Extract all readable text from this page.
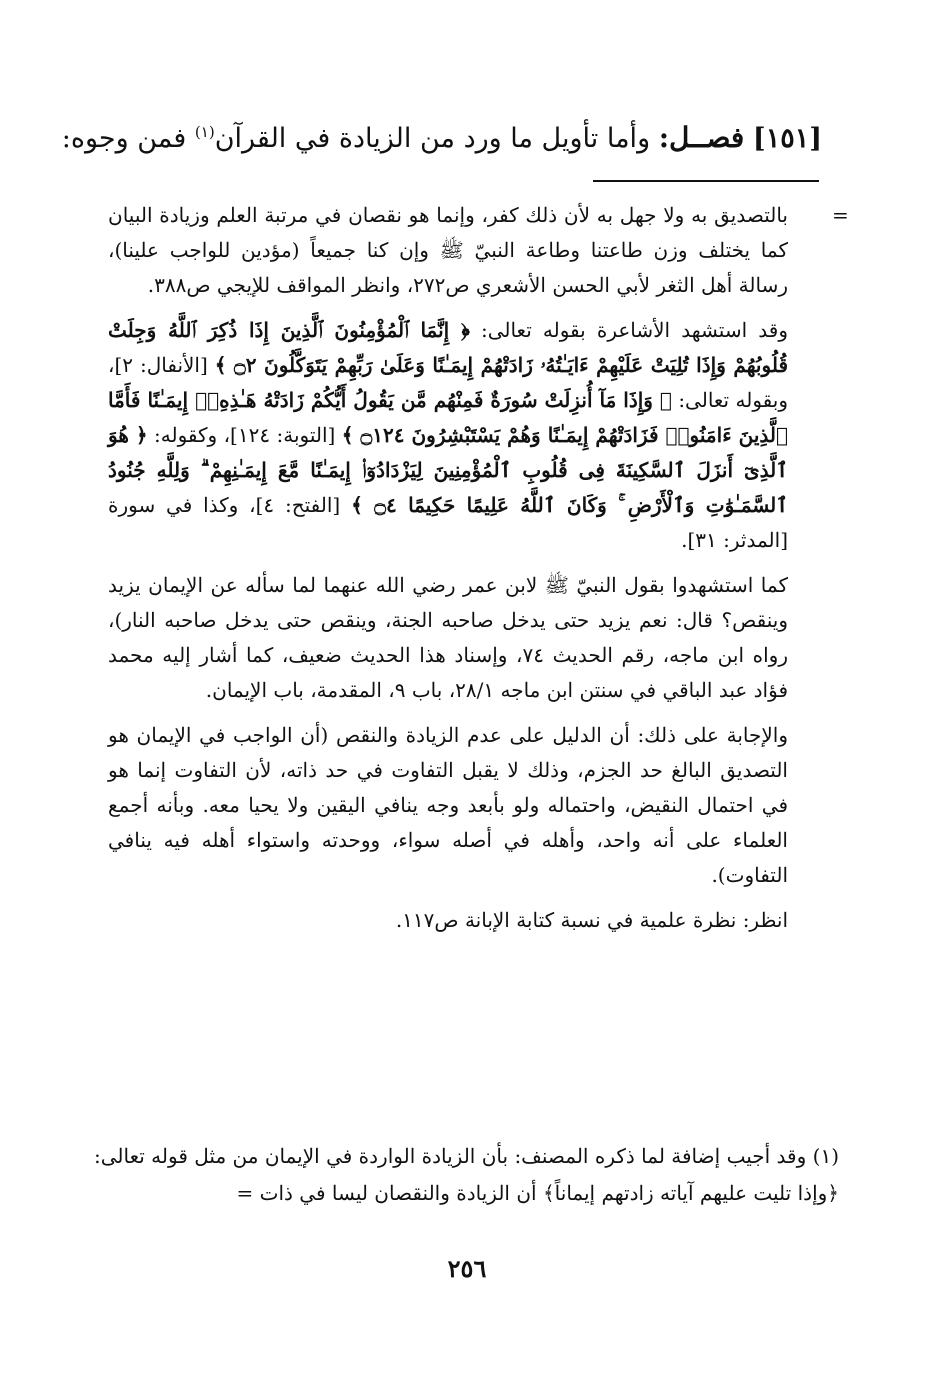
[١٥١] فصــل: وأما تأويل ما ورد من الزيادة في القرآن$^{(١)}$ فمن وجوه:
=

بالتصديق به ولا جهل به لأن ذلك كفر، وإنما هو نقصان في مرتبة العلم وزيادة البيان كما يختلف وزن طاعتنا وطاعة النبيّ ﷺ وإن كنا جميعاً (مؤدين للواجب علينا)، رسالة أهل الثغر لأبي الحسن الأشعري ص٢٧٢، وانظر المواقف للإيجي ص٣٨٨.

وقد استشهد الأشاعرة بقوله تعالى: ﴿ إِنَّمَا ٱلْمُؤْمِنُونَ ٱلَّذِينَ إِذَا ذُكِرَ ٱللَّهُ وَجِلَتْ قُلُوبُهُمْ وَإِذَا تُلِيَتْ عَلَيْهِمْ ءَايَـٰتُهُۥ زَادَتْهُمْ إِيمَـٰنًا وَعَلَىٰ رَبِّهِمْ يَتَوَكَّلُونَ ۝٢ ﴾ [الأنفال: ٢]، وبقوله تعالى: ﴿ وَإِذَا مَآ أُنزِلَتْ سُورَةٌ فَمِنْهُم مَّن يَقُولُ أَيُّكُمْ زَادَتْهُ هَـٰذِهِۦٓ إِيمَـٰنًا فَأَمَّا ٱلَّذِينَ ءَامَنُوا۟ فَزَادَتْهُمْ إِيمَـٰنًا وَهُمْ يَسْتَبْشِرُونَ ۝١٢٤ ﴾ [التوبة: ١٢٤]، وكقوله: ﴿ هُوَ ٱلَّذِىٓ أَنزَلَ ٱلسَّكِينَةَ فِى قُلُوبِ ٱلْمُؤْمِنِينَ لِيَزْدَادُوٓا۟ إِيمَـٰنًا مَّعَ إِيمَـٰنِهِمْ ۗ وَلِلَّهِ جُنُودُ ٱلسَّمَـٰوَٰتِ وَٱلْأَرْضِ ۚ وَكَانَ ٱللَّهُ عَلِيمًا حَكِيمًا ۝٤ ﴾ [الفتح: ٤]، وكذا في سورة [المدثر: ٣١].

كما استشهدوا بقول النبيّ ﷺ لابن عمر رضي الله عنهما لما سأله عن الإيمان يزيد وينقص؟ قال: نعم يزيد حتى يدخل صاحبه الجنة، وينقص حتى يدخل صاحبه النار)، رواه ابن ماجه، رقم الحديث ٧٤، وإسناد هذا الحديث ضعيف، كما أشار إليه محمد فؤاد عبد الباقي في سنتن ابن ماجه ٢٨/١، باب ٩، المقدمة، باب الإيمان.

والإجابة على ذلك: أن الدليل على عدم الزيادة والنقص (أن الواجب في الإيمان هو التصديق البالغ حد الجزم، وذلك لا يقبل التفاوت في حد ذاته، لأن التفاوت إنما هو في احتمال النقيض، واحتماله ولو بأبعد وجه ينافي اليقين ولا يحيا معه. وبأنه أجمع العلماء على أنه واحد، وأهله في أصله سواء، ووحدته واستواء أهله فيه ينافي التفاوت).

انظر: نظرة علمية في نسبة كتابة الإبانة ص١١٧.

(١) وقد أجيب إضافة لما ذكره المصنف: بأن الزيادة الواردة في الإيمان من مثل قوله تعالى: ﴿وإذا تليت عليهم آياته زادتهم إيماناً﴾ أن الزيادة والنقصان ليسا في ذات =
٢٥٦
